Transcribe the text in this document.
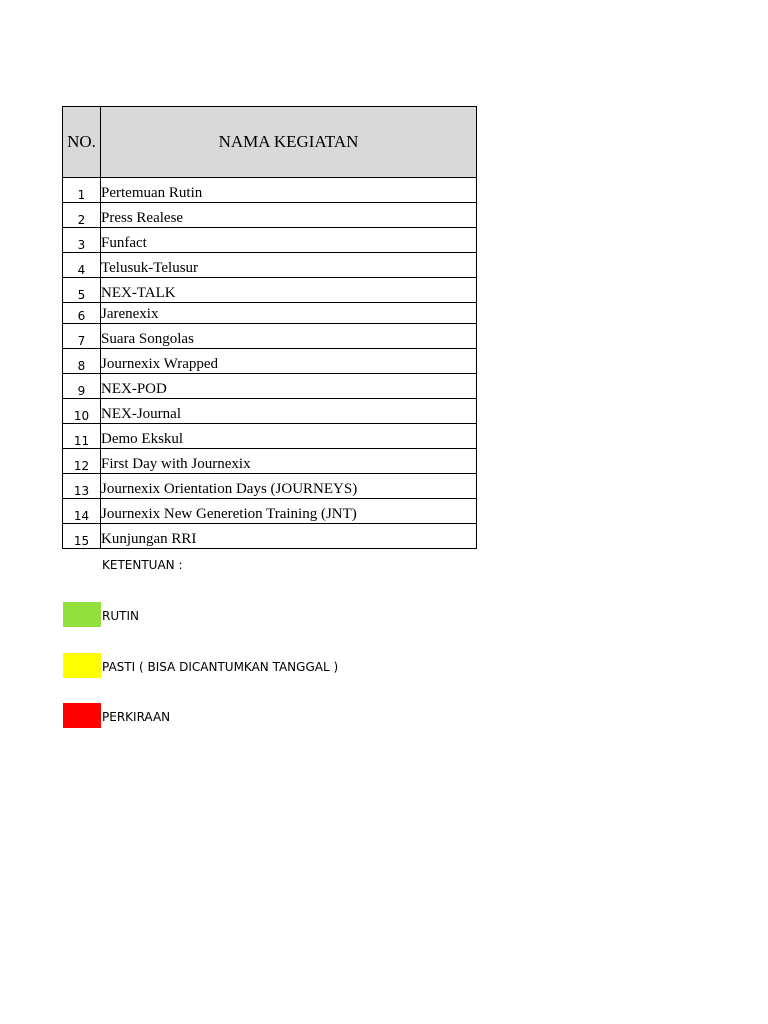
NO.	NAMA KEGIATAN
1	Pertemuan Rutin
2	Press Realese
3	Funfact
4	Telusuk-Telusur
5	NEX-TALK
6	Jarenexix
7	Suara Songolas
8	Journexix Wrapped
9	NEX-POD
10	NEX-Journal
11	Demo Ekskul
12	First Day with Journexix
13	Journexix Orientation Days (JOURNEYS)
14	Journexix New Generetion Training (JNT)
15	Kunjungan RRI
KETENTUAN :
RUTIN
PASTI ( BISA DICANTUMKAN TANGGAL )
PERKIRAAN
